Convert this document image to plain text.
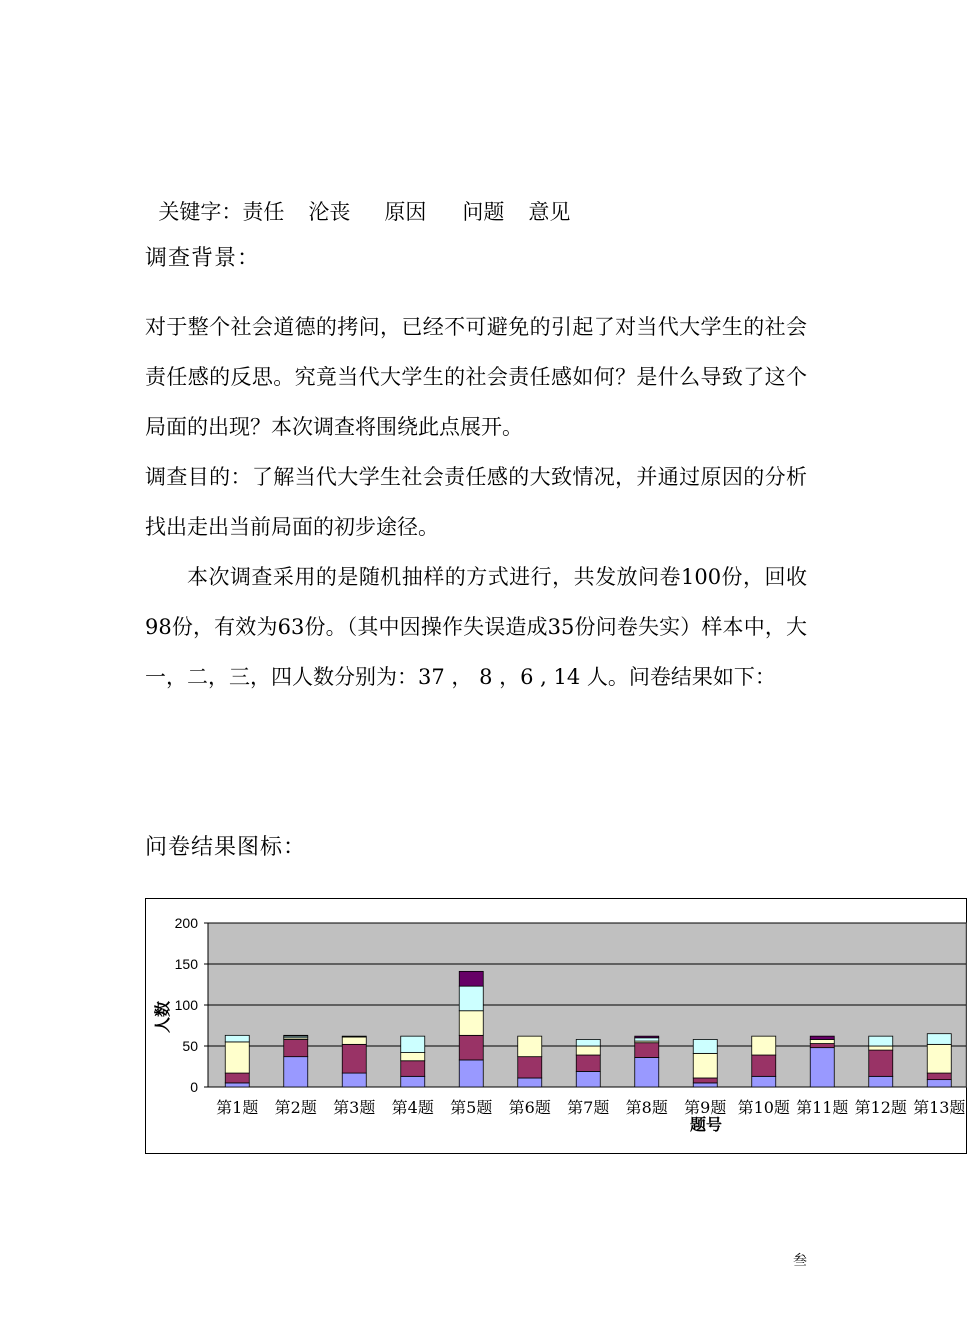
关键字：责任 沦丧 原因 问题 意见

调查背景：
对于整个社会道德的拷问，已经不可避免的引起了对当代大学生的社会责任感的反思。究竟当代大学生的社会责任感如何？是什么导致了这个局面的出现？本次调查将围绕此点展开。
调查目的：了解当代大学生社会责任感的大致情况，并通过原因的分析找出走出当前局面的初步途径。
本次调查采用的是随机抽样的方式进行，共发放问卷100份，回收98份，有效为63份。（其中因操作失误造成35份问卷失实）样本中，大一，二，三，四人数分别为：37 ， 8 ，6 , 14 人。问卷结果如下：
问卷结果图标：
0
50
100
150
200
第1题 第2题 第3题 第4题 第5题 第6题 第7题 第8题 第9题 第10题 第11题 第12题 第13题
题号
人数
叁
